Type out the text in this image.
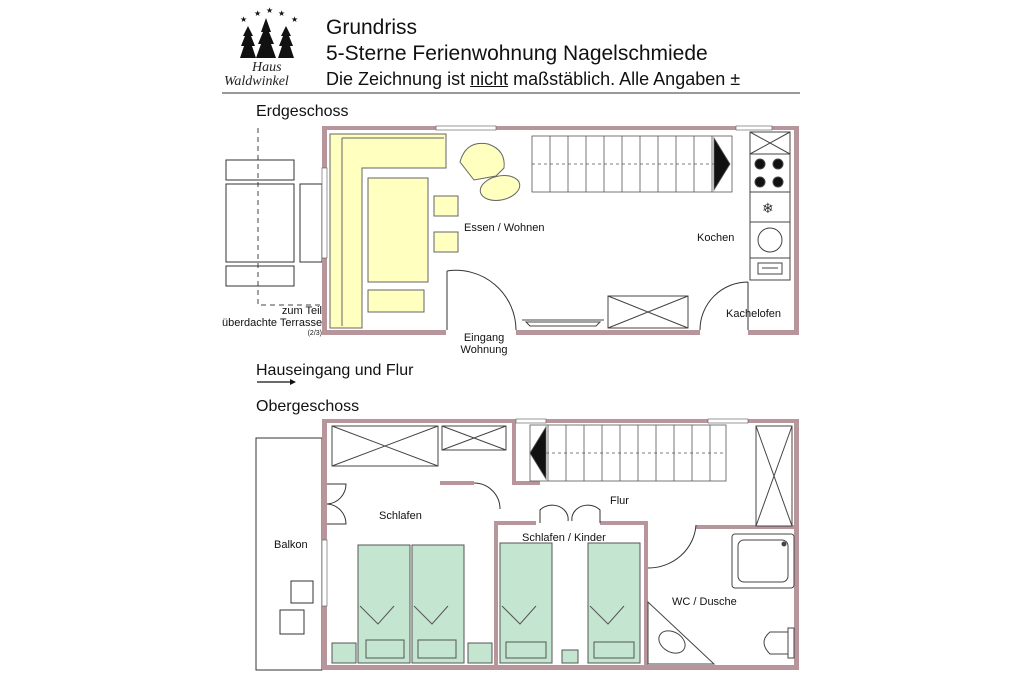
★
★ ★ ★
★
❄
Grundriss
5-Sterne Ferienwohnung Nagelschmiede
Die Zeichnung ist nicht maßstäblich. Alle Angaben ±
Haus
Waldwinkel
Erdgeschoss
Hauseingang und Flur
Obergeschoss
Essen / Wohnen
Kochen
Kachelofen
Eingang
Wohnung
zum Teil
überdachte Terrasse
(2/3)
Schlafen
Flur
Schlafen / Kinder
WC / Dusche
Balkon
